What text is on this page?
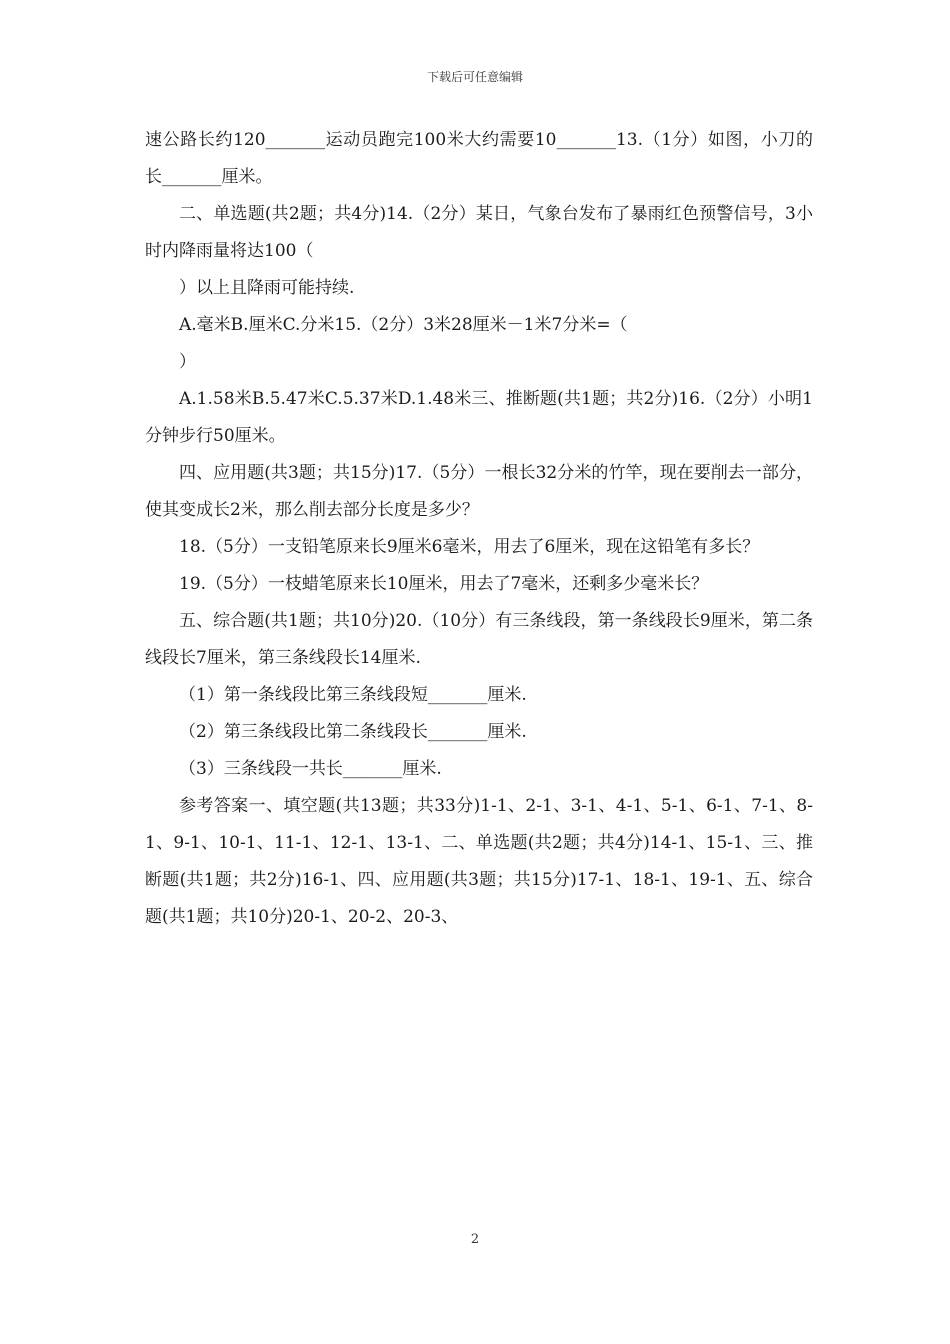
下载后可任意编辑

速公路长约120_______运动员跑完100米大约需要10_______13.（1分）如图，小刀的长_______厘米。

二、单选题(共2题；共4分)14.（2分）某日，气象台发布了暴雨红色预警信号，3小时内降雨量将达100（

）以上且降雨可能持续.

A.毫米B.厘米C.分米15.（2分）3米28厘米－1米7分米=（

）

A.1.58米B.5.47米C.5.37米D.1.48米三、推断题(共1题；共2分)16.（2分）小明1分钟步行50厘米。

四、应用题(共3题；共15分)17.（5分）一根长32分米的竹竿，现在要削去一部分，使其变成长2米，那么削去部分长度是多少？

18.（5分）一支铅笔原来长9厘米6毫米，用去了6厘米，现在这铅笔有多长？

19.（5分）一枝蜡笔原来长10厘米，用去了7毫米，还剩多少毫米长？

五、综合题(共1题；共10分)20.（10分）有三条线段，第一条线段长9厘米，第二条线段长7厘米，第三条线段长14厘米.

（1）第一条线段比第三条线段短_______厘米.

（2）第三条线段比第二条线段长_______厘米.

（3）三条线段一共长_______厘米.

参考答案一、填空题(共13题；共33分)1-1、2-1、3-1、4-1、5-1、6-1、7-1、8-1、9-1、10-1、11-1、12-1、13-1、二、单选题(共2题；共4分)14-1、15-1、三、推断题(共1题；共2分)16-1、四、应用题(共3题；共15分)17-1、18-1、19-1、五、综合题(共1题；共10分)20-1、20-2、20-3、

2
